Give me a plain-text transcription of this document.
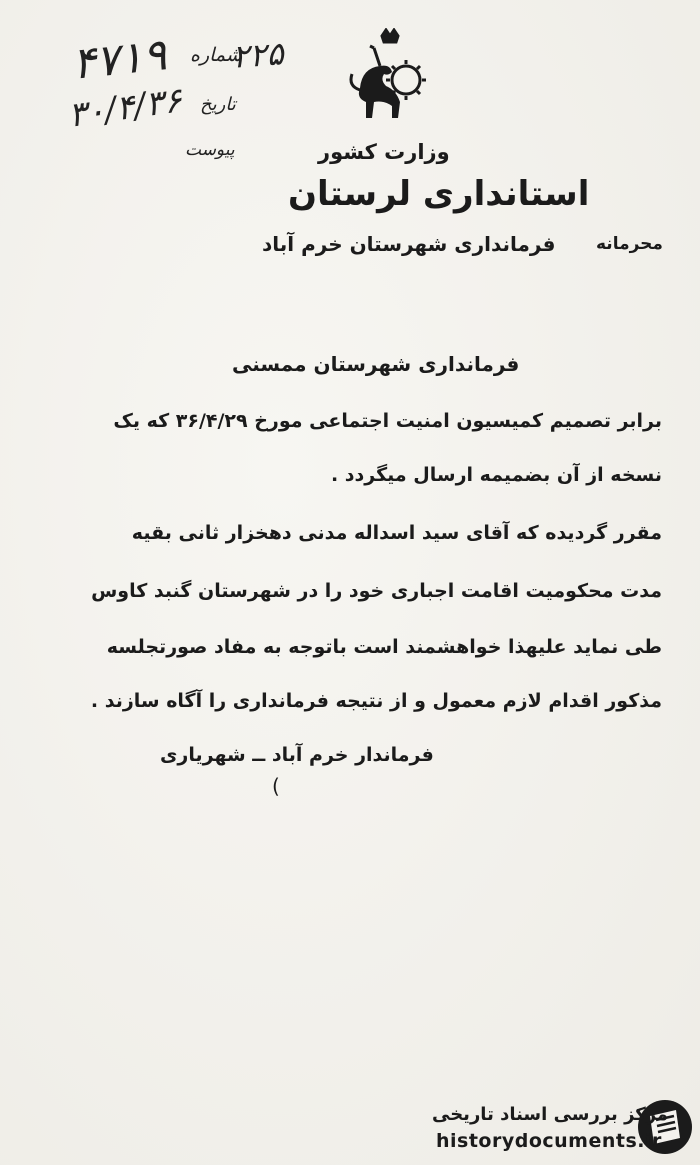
۴۷۱۹ شماره
۲۲۵
تاریخ
۳۰/۴/۳۶
پیوست	وزارت کشور
استانداری لرستان
فرمانداری شهرستان خرم آباد محرمانه
فرمانداری شهرستان ممسنی
برابر تصمیم کمیسیون امنیت اجتماعی مورخ ۳۶/۴/۲۹ که یک
نسخه از آن بضمیمه ارسال میگردد .
مقرر گردیده که آقای سید اسداله مدنی دهخزار ثانی بقیه
مدت محکومیت اقامت اجباری خود را در شهرستان گنبد کاوس
طی نماید علیهذا خواهشمند است باتوجه به مفاد صورتجلسه
مذکور اقدام لازم معمول و از نتیجه فرمانداری را آگاه سازند .
فرماندار خرم آباد ــ شهریاری
(
مرکز بررسی اسناد تاریخی
historydocuments.ir
